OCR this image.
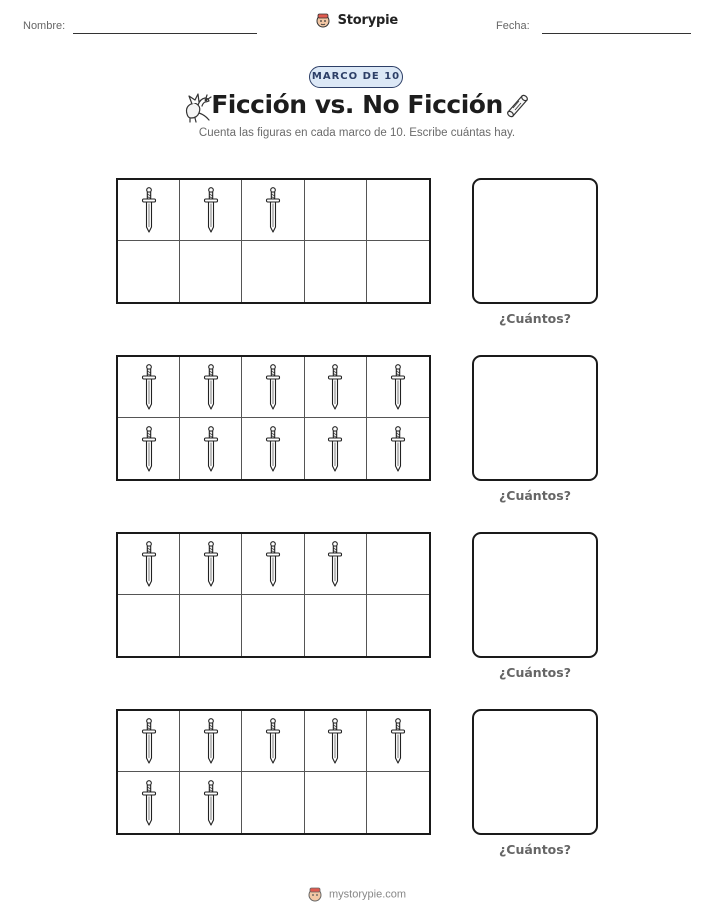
Nombre:	Storypie	Fecha:
MARCO DE 10
Ficción vs. No Ficción
Cuenta las figuras en cada marco de 10. Escribe cuántas hay.
¿Cuántos?
¿Cuántos?
¿Cuántos?
¿Cuántos?
mystorypie.com
